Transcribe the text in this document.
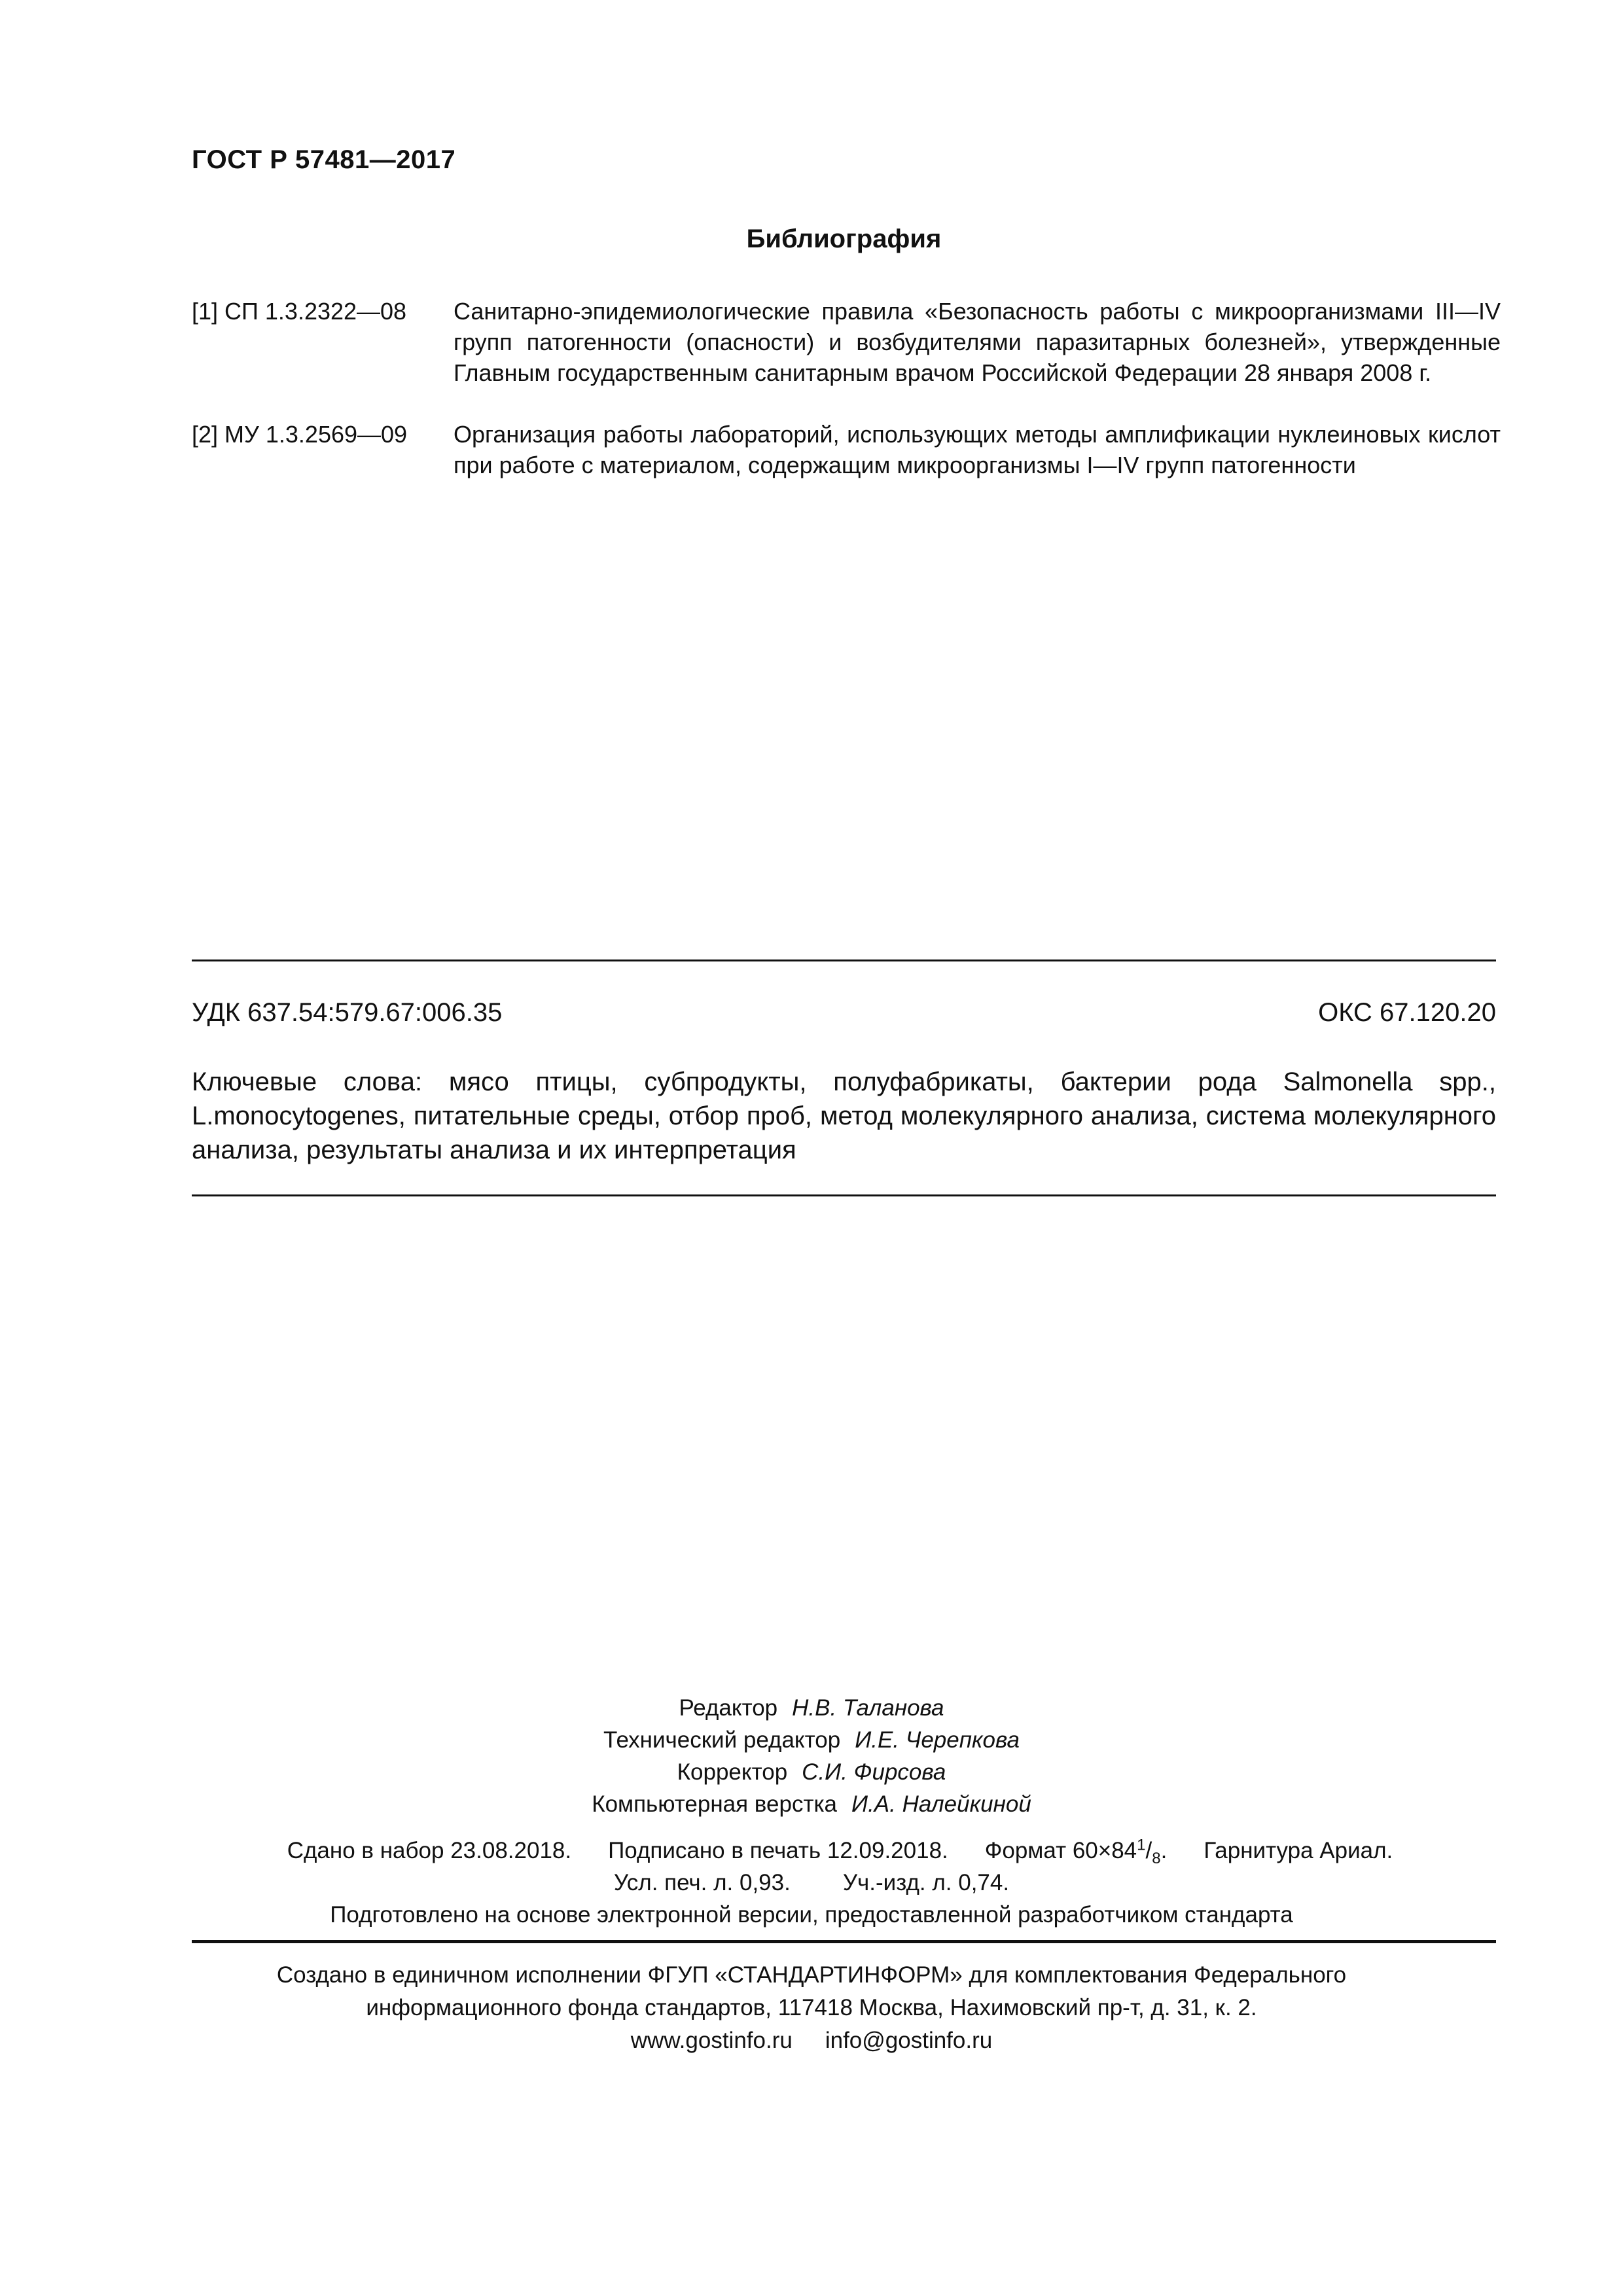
ГОСТ Р 57481—2017
Библиография
[1] СП 1.3.2322—08 Санитарно-эпидемиологические правила «Безопасность работы с микроорганизмами III—IV групп патогенности (опасности) и возбудителями паразитарных болезней», утвержденные Главным государственным санитарным врачом Российской Федерации 28 января 2008 г.
[2] МУ 1.3.2569—09 Организация работы лабораторий, использующих методы амплификации нуклеиновых кислот при работе с материалом, содержащим микроорганизмы I—IV групп патогенности
УДК 637.54:579.67:006.35	ОКС 67.120.20
Ключевые слова: мясо птицы, субпродукты, полуфабрикаты, бактерии рода Salmonella spp., L.monocytogenes, питательные среды, отбор проб, метод молекулярного анализа, система молекулярного анализа, результаты анализа и их интерпретация
Редактор Н.В. Таланова
Технический редактор И.Е. Черепкова
Корректор С.И. Фирсова
Компьютерная верстка И.А. Налейкиной
Сдано в набор 23.08.2018. Подписано в печать 12.09.2018. Формат $60\times 84^1/_8$. Гарнитура Ариал.
Усл. печ. л. 0,93. Уч.-изд. л. 0,74.
Подготовлено на основе электронной версии, предоставленной разработчиком стандарта
Создано в единичном исполнении ФГУП «СТАНДАРТИНФОРМ» для комплектования Федерального
информационного фонда стандартов, 117418 Москва, Нахимовский пр-т, д. 31, к. 2.
www.gostinfo.ru info@gostinfo.ru
